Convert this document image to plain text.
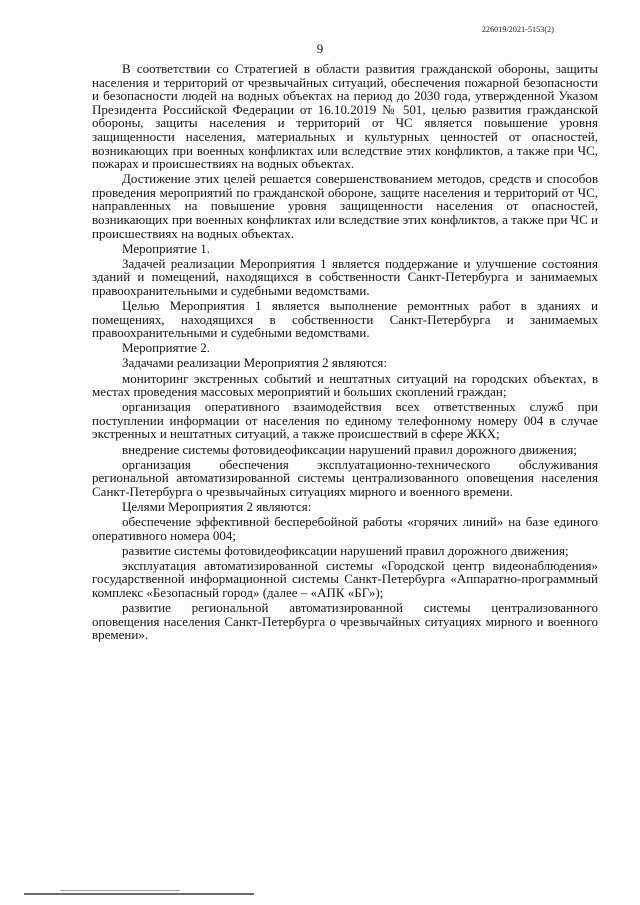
226019/2021-5153(2)
9

В соответствии со Стратегией в области развития гражданской обороны, защиты населения и территорий от чрезвычайных ситуаций, обеспечения пожарной безопасности и безопасности людей на водных объектах на период до 2030 года, утвержденной Указом Президента Российской Федерации от 16.10.2019 № 501, целью развития гражданской обороны, защиты населения и территорий от ЧС является повышение уровня защищенности населения, материальных и культурных ценностей от опасностей, возникающих при военных конфликтах или вследствие этих конфликтов, а также при ЧС, пожарах и происшествиях на водных объектах.

Достижение этих целей решается совершенствованием методов, средств и способов проведения мероприятий по гражданской обороне, защите населения и территорий от ЧС, направленных на повышение уровня защищенности населения от опасностей, возникающих при военных конфликтах или вследствие этих конфликтов, а также при ЧС и происшествиях на водных объектах.

Мероприятие 1.

Задачей реализации Мероприятия 1 является поддержание и улучшение состояния зданий и помещений, находящихся в собственности Санкт-Петербурга и занимаемых правоохранительными и судебными ведомствами.

Целью Мероприятия 1 является выполнение ремонтных работ в зданиях и помещениях, находящихся в собственности Санкт-Петербурга и занимаемых правоохранительными и судебными ведомствами.

Мероприятие 2.

Задачами реализации Мероприятия 2 являются:

мониторинг экстренных событий и нештатных ситуаций на городских объектах, в местах проведения массовых мероприятий и больших скоплений граждан;

организация оперативного взаимодействия всех ответственных служб при поступлении информации от населения по единому телефонному номеру 004 в случае экстренных и нештатных ситуаций, а также происшествий в сфере ЖКХ;

внедрение системы фотовидеофиксации нарушений правил дорожного движения;

организация обеспечения эксплуатационно-технического обслуживания региональной автоматизированной системы централизованного оповещения населения Санкт-Петербурга о чрезвычайных ситуациях мирного и военного времени.

Целями Мероприятия 2 являются:

обеспечение эффективной бесперебойной работы «горячих линий» на базе единого оперативного номера 004;

развитие системы фотовидеофиксации нарушений правил дорожного движения;

эксплуатация автоматизированной системы «Городской центр видеонаблюдения» государственной информационной системы Санкт-Петербурга «Аппаратно-программный комплекс «Безопасный город» (далее – «АПК «БГ»);

развитие региональной автоматизированной системы централизованного оповещения населения Санкт-Петербурга о чрезвычайных ситуациях мирного и военного времени».
